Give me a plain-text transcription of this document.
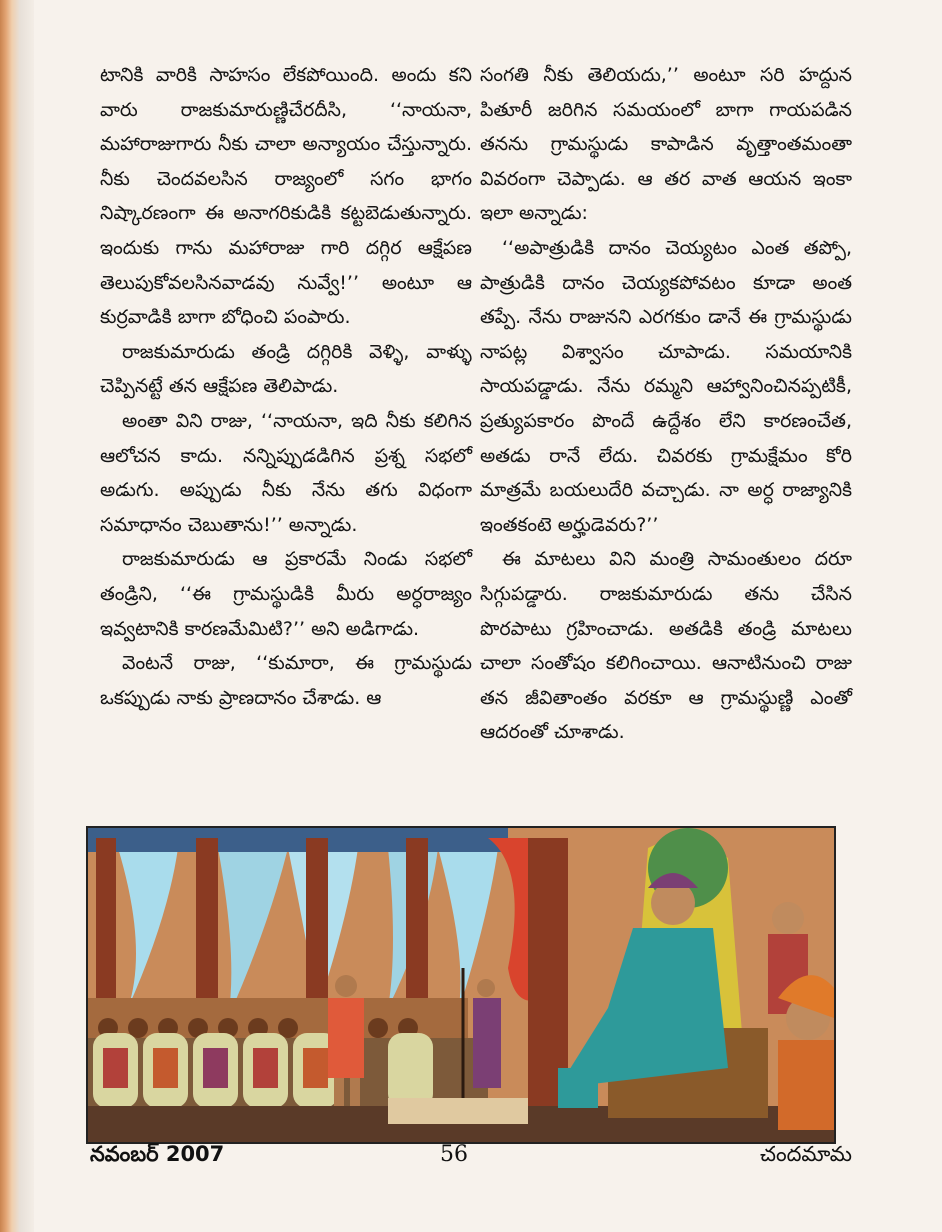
టానికి వారికి సాహసం లేకపోయింది. అందు కని వారు రాజకుమారుణ్ణిచేరదీసి, ‘‘నాయనా, మహారాజుగారు నీకు చాలా అన్యాయం చేస్తున్నారు. నీకు చెందవలసిన రాజ్యంలో సగం భాగం నిష్కారణంగా ఈ అనాగరికుడికి కట్టబెడుతున్నారు. ఇందుకు గాను మహారాజు గారి దగ్గిర ఆక్షేపణ తెలుపుకోవలసినవాడవు నువ్వే!’’ అంటూ ఆ కుర్రవాడికి బాగా బోధించి పంపారు.

రాజకుమారుడు తండ్రి దగ్గిరికి వెళ్ళి, వాళ్ళు చెప్పినట్టే తన ఆక్షేపణ తెలిపాడు.

అంతా విని రాజు, ‘‘నాయనా, ఇది నీకు కలిగిన ఆలోచన కాదు. నన్నిప్పుడడిగిన ప్రశ్న సభలో అడుగు. అప్పుడు నీకు నేను తగు విధంగా సమాధానం చెబుతాను!’’ అన్నాడు.

రాజకుమారుడు ఆ ప్రకారమే నిండు సభలో తండ్రిని, ‘‘ఈ గ్రామస్థుడికి మీరు అర్ధరాజ్యం ఇవ్వటానికి కారణమేమిటి?’’ అని అడిగాడు.

వెంటనే రాజు, ‘‘కుమారా, ఈ గ్రామస్థుడు ఒకప్పుడు నాకు ప్రాణదానం చేశాడు. ఆ

సంగతి నీకు తెలియదు,’’ అంటూ సరి హద్దున పితూరీ జరిగిన సమయంలో బాగా గాయపడిన తనను గ్రామస్థుడు కాపాడిన వృత్తాంతమంతా వివరంగా చెప్పాడు. ఆ తర వాత ఆయన ఇంకా ఇలా అన్నాడు:

‘‘అపాత్రుడికి దానం చెయ్యటం ఎంత తప్పో, పాత్రుడికి దానం చెయ్యకపోవటం కూడా అంత తప్పే. నేను రాజునని ఎరగకుం డానే ఈ గ్రామస్థుడు నాపట్ల విశ్వాసం చూపాడు. సమయానికి సాయపడ్డాడు. నేను రమ్మని ఆహ్వానించినప్పటికీ, ప్రత్యుపకారం పొందే ఉద్దేశం లేని కారణంచేత, అతడు రానే లేదు. చివరకు గ్రామక్షేమం కోరి మాత్రమే బయలుదేరి వచ్చాడు. నా అర్ధ రాజ్యానికి ఇంతకంటె అర్హుడెవరు?’’

ఈ మాటలు విని మంత్రి సామంతులం దరూ సిగ్గుపడ్డారు. రాజకుమారుడు తను చేసిన పొరపాటు గ్రహించాడు. అతడికి తండ్రి మాటలు చాలా సంతోషం కలిగించాయి. ఆనాటినుంచి రాజు తన జీవితాంతం వరకూ ఆ గ్రామస్థుణ్ణి ఎంతో ఆదరంతో చూశాడు.

నవంబర్ 2007	56	చందమామ
